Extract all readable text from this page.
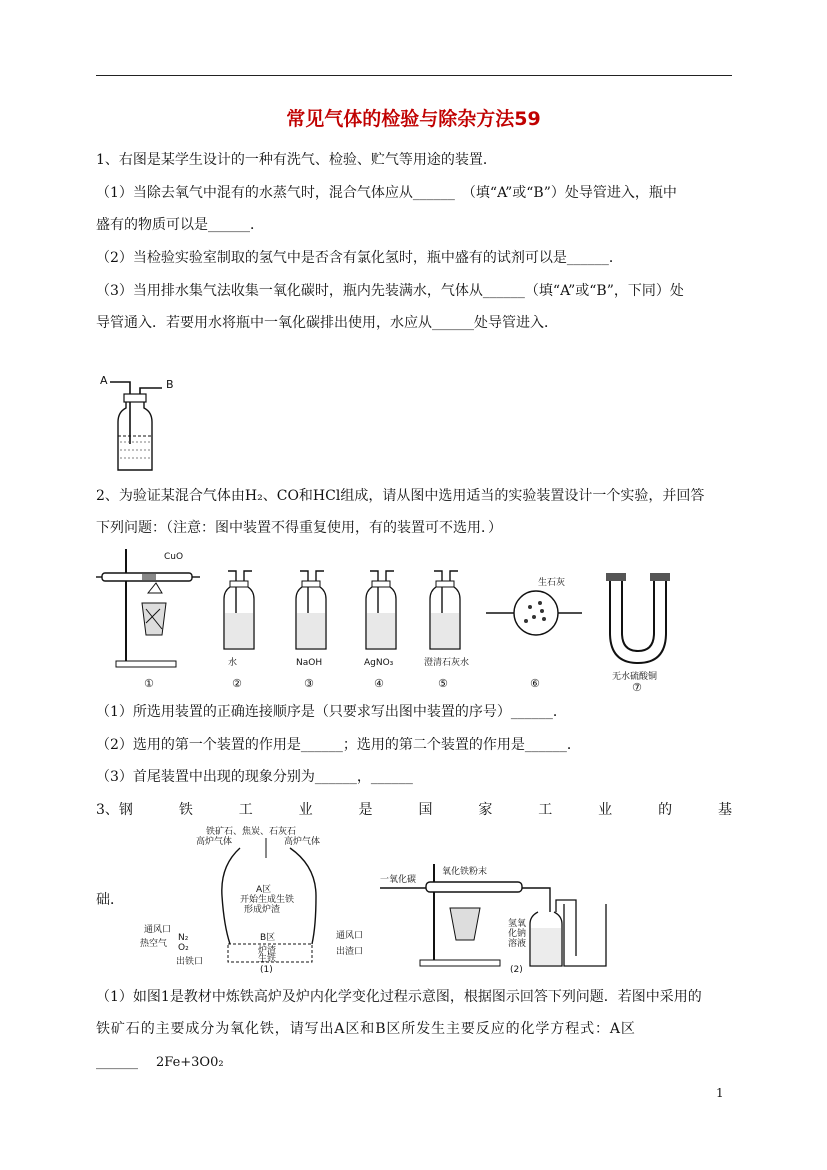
常见气体的检验与除杂方法59
1、右图是某学生设计的一种有洗气、检验、贮气等用途的装置．
（1）当除去氧气中混有的水蒸气时，混合气体应从______　（填“A”或“B”）处导管进入，瓶中
盛有的物质可以是______．
（2）当检验实验室制取的氢气中是否含有氯化氢时，瓶中盛有的试剂可以是______．
（3）当用排水集气法收集一氧化碳时，瓶内先装满水，气体从______（填“A”或“B”，下同）处
导管通入．若要用水将瓶中一氧化碳排出使用，水应从______处导管进入．
A	B
2、为验证某混合气体由H₂、CO和HCl组成，请从图中选用适当的实验装置设计一个实验，并回答
下列问题：（注意：图中装置不得重复使用，有的装置可不选用．）
CuO
①
水
②
NaOH
③
AgNO₃
④
澄清石灰水
⑤
生石灰
⑥	无水硫酸铜
⑦
（1）所选用装置的正确连接顺序是（只要求写出图中装置的序号）______．
（2）选用的第一个装置的作用是______；选用的第二个装置的作用是______．
（3）首尾装置中出现的现象分别为______，______
3、钢	铁	工	业	是	国	家	工	业	的	基
铁矿石、焦炭、石灰石
高炉气体	高炉气体
A区
开始生成生铁
形成炉渣
B区
通风口
热空气
N₂
O₂
通风口
炉渣
生铁
出渣口
出铁口
(1)
一氧化碳
氧化铁粉末
氢氧
化钠
溶液
(2)
础．
（1）如图1是教材中炼铁高炉及炉内化学变化过程示意图，根据图示回答下列问题．若图中采用的
铁矿石的主要成分为氧化铁，请写出A区和B区所发生主要反应的化学方程式：A区
______ 2Fe+3O0₂
1
